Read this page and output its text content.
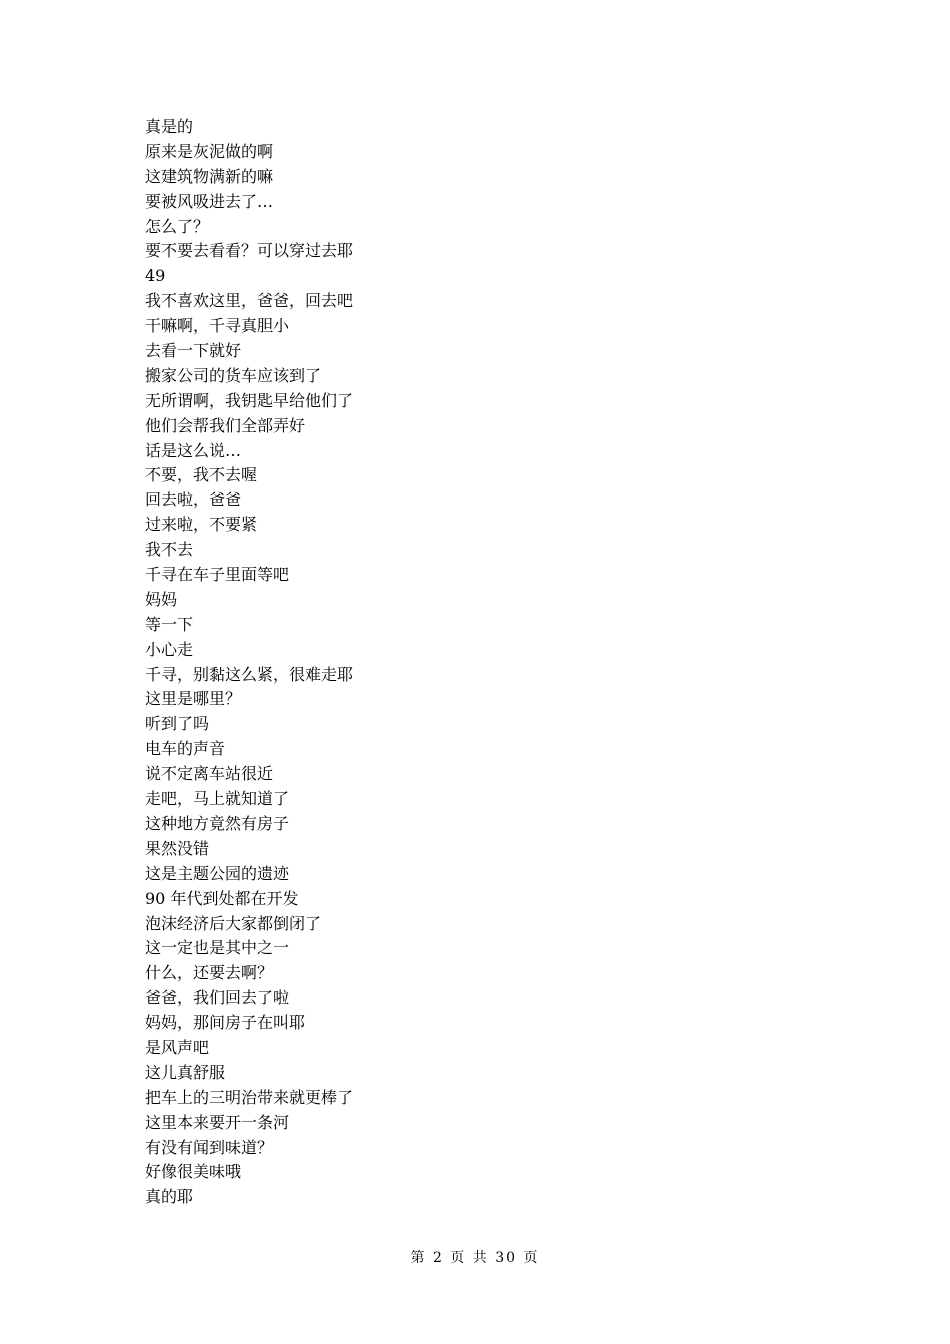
真是的
原来是灰泥做的啊
这建筑物满新的嘛
要被风吸进去了…
怎么了？
要不要去看看？可以穿过去耶
49
我不喜欢这里，爸爸，回去吧
干嘛啊，千寻真胆小
去看一下就好
搬家公司的货车应该到了
无所谓啊，我钥匙早给他们了
他们会帮我们全部弄好
话是这么说…
不要，我不去喔
回去啦，爸爸
过来啦，不要紧
我不去
千寻在车子里面等吧
妈妈
等一下
小心走
千寻，别黏这么紧，很难走耶
这里是哪里？
听到了吗
电车的声音
说不定离车站很近
走吧，马上就知道了
这种地方竟然有房子
果然没错
这是主题公园的遗迹
90 年代到处都在开发
泡沫经济后大家都倒闭了
这一定也是其中之一
什么，还要去啊？
爸爸，我们回去了啦
妈妈，那间房子在叫耶
是风声吧
这儿真舒服
把车上的三明治带来就更棒了
这里本来要开一条河
有没有闻到味道？
好像很美味哦
真的耶
第 2 页 共 30 页
